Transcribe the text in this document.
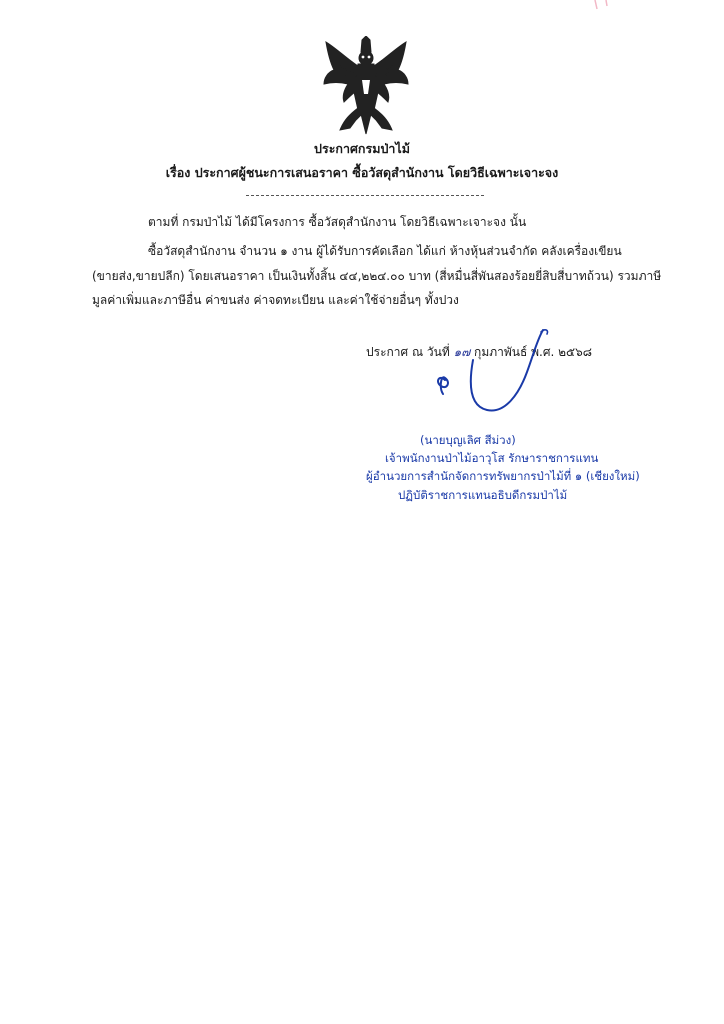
ประกาศกรมป่าไม้
เรื่อง ประกาศผู้ชนะการเสนอราคา ซื้อวัสดุสำนักงาน โดยวิธีเฉพาะเจาะจง
ตามที่ กรมป่าไม้ ได้มีโครงการ ซื้อวัสดุสำนักงาน โดยวิธีเฉพาะเจาะจง นั้น
ซื้อวัสดุสำนักงาน จำนวน ๑ งาน ผู้ได้รับการคัดเลือก ได้แก่ ห้างหุ้นส่วนจำกัด คลังเครื่องเขียน
(ขายส่ง,ขายปลีก) โดยเสนอราคา เป็นเงินทั้งสิ้น ๔๔,๒๒๔.๐๐ บาท (สี่หมื่นสี่พันสองร้อยยี่สิบสี่บาทถ้วน) รวมภาษี
มูลค่าเพิ่มและภาษีอื่น ค่าขนส่ง ค่าจดทะเบียน และค่าใช้จ่ายอื่นๆ ทั้งปวง
ประกาศ ณ วันที่ ๑๗ กุมภาพันธ์ พ.ศ. ๒๕๖๘
(นายบุญเลิศ สีม่วง)
เจ้าพนักงานป่าไม้อาวุโส รักษาราชการแทน
ผู้อำนวยการสำนักจัดการทรัพยากรป่าไม้ที่ ๑ (เชียงใหม่)
ปฏิบัติราชการแทนอธิบดีกรมป่าไม้
